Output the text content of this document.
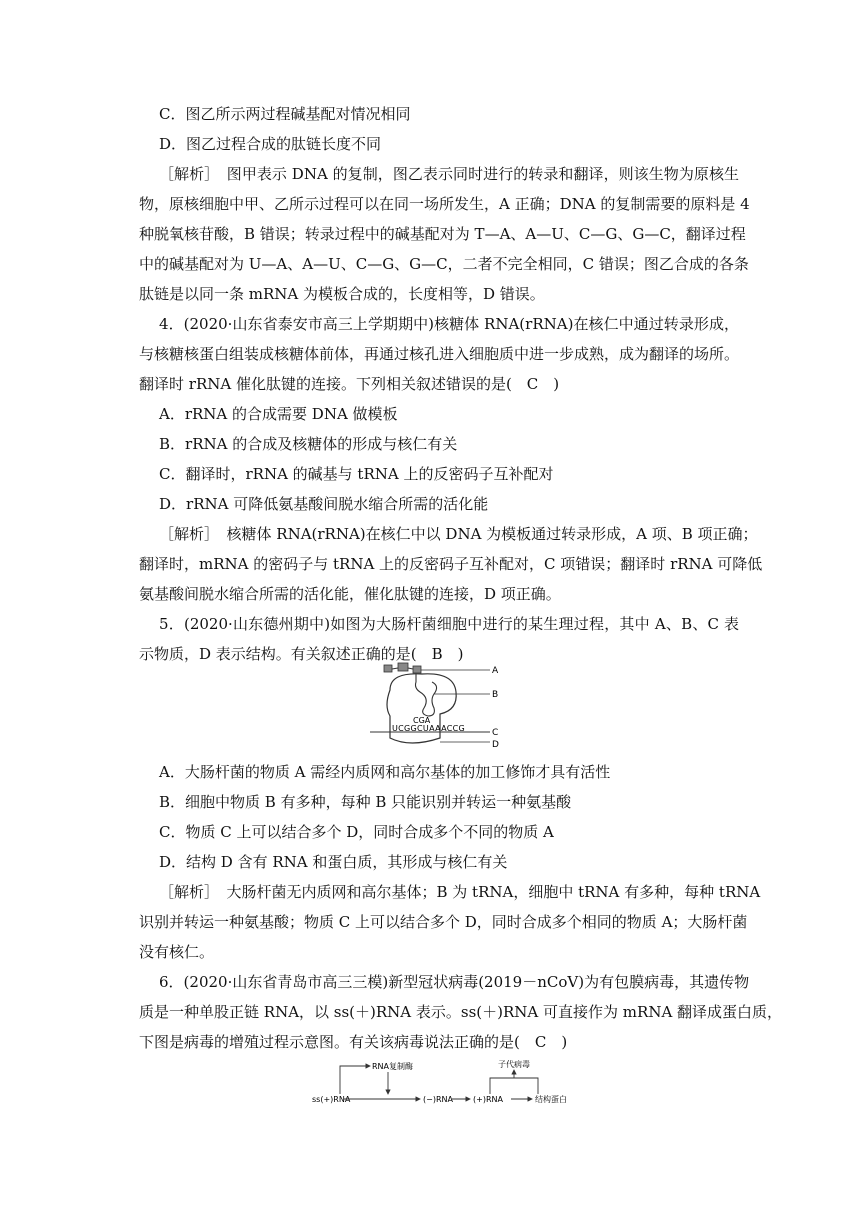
C．图乙所示两过程碱基配对情况相同
D．图乙过程合成的肽链长度不同
［解析］　图甲表示 DNA 的复制，图乙表示同时进行的转录和翻译，则该生物为原核生
物，原核细胞中甲、乙所示过程可以在同一场所发生，A 正确；DNA 的复制需要的原料是 4
种脱氧核苷酸，B 错误；转录过程中的碱基配对为 T—A、A—U、C—G、G—C，翻译过程
中的碱基配对为 U—A、A—U、C—G、G—C，二者不完全相同，C 错误；图乙合成的各条
肽链是以同一条 mRNA 为模板合成的，长度相等，D 错误。
4．(2020·山东省泰安市高三上学期期中)核糖体 RNA(rRNA)在核仁中通过转录形成，
与核糖核蛋白组装成核糖体前体，再通过核孔进入细胞质中进一步成熟，成为翻译的场所。
翻译时 rRNA 催化肽键的连接。下列相关叙述错误的是(　C　)
A．rRNA 的合成需要 DNA 做模板
B．rRNA 的合成及核糖体的形成与核仁有关
C．翻译时，rRNA 的碱基与 tRNA 上的反密码子互补配对
D．rRNA 可降低氨基酸间脱水缩合所需的活化能
［解析］　核糖体 RNA(rRNA)在核仁中以 DNA 为模板通过转录形成，A 项、B 项正确；
翻译时，mRNA 的密码子与 tRNA 上的反密码子互补配对，C 项错误；翻译时 rRNA 可降低
氨基酸间脱水缩合所需的活化能，催化肽键的连接，D 项正确。
5．(2020·山东德州期中)如图为大肠杆菌细胞中进行的某生理过程，其中 A、B、C 表
示物质，D 表示结构。有关叙述正确的是(　B　)
A
B
C
D
CGA
UCGGCUAAACCG
A．大肠杆菌的物质 A 需经内质网和高尔基体的加工修饰才具有活性
B．细胞中物质 B 有多种，每种 B 只能识别并转运一种氨基酸
C．物质 C 上可以结合多个 D，同时合成多个不同的物质 A
D．结构 D 含有 RNA 和蛋白质，其形成与核仁有关
［解析］　大肠杆菌无内质网和高尔基体；B 为 tRNA，细胞中 tRNA 有多种，每种 tRNA
识别并转运一种氨基酸；物质 C 上可以结合多个 D，同时合成多个相同的物质 A；大肠杆菌
没有核仁。
6．(2020·山东省青岛市高三三模)新型冠状病毒(2019－nCoV)为有包膜病毒，其遗传物
质是一种单股正链 RNA，以 ss(＋)RNA 表示。ss(＋)RNA 可直接作为 mRNA 翻译成蛋白质，
下图是病毒的增殖过程示意图。有关该病毒说法正确的是(　C　)
ss(+)RNA	(−)RNA	(+)RNA	结构蛋白
RNA复制酶	子代病毒
